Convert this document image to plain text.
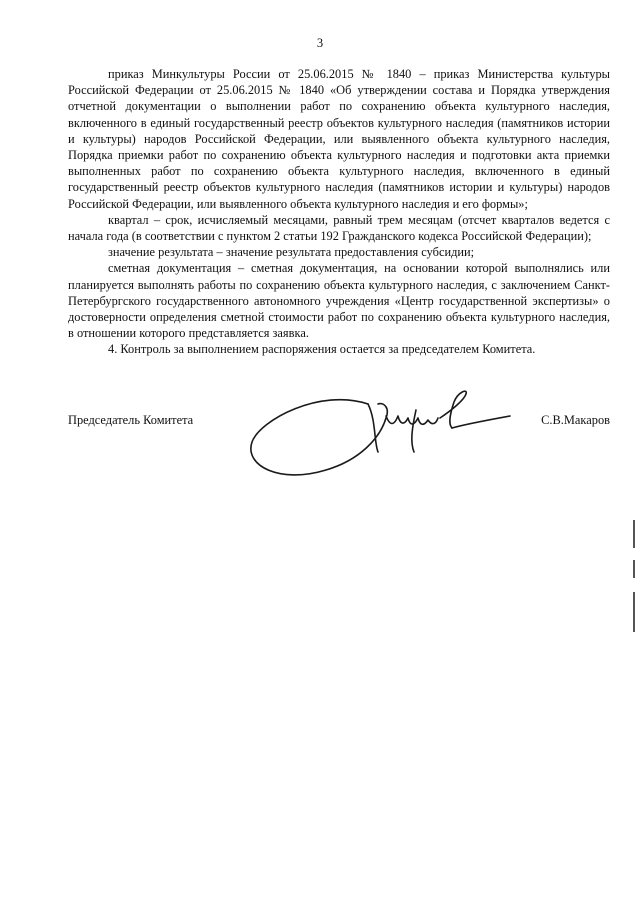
3

приказ Минкультуры России от 25.06.2015 № 1840 – приказ Министерства культуры Российской Федерации от 25.06.2015 № 1840 «Об утверждении состава и Порядка утверждения отчетной документации о выполнении работ по сохранению объекта культурного наследия, включенного в единый государственный реестр объектов культурного наследия (памятников истории и культуры) народов Российской Федерации, или выявленного объекта культурного наследия, Порядка приемки работ по сохранению объекта культурного наследия и подготовки акта приемки выполненных работ по сохранению объекта культурного наследия, включенного в единый государственный реестр объектов культурного наследия (памятников истории и культуры) народов Российской Федерации, или выявленного объекта культурного наследия и его формы»;

квартал – срок, исчисляемый месяцами, равный трем месяцам (отсчет кварталов ведется с начала года (в соответствии с пунктом 2 статьи 192 Гражданского кодекса Российской Федерации);

значение результата – значение результата предоставления субсидии;

сметная документация – сметная документация, на основании которой выполнялись или планируется выполнять работы по сохранению объекта культурного наследия, с заключением Санкт-Петербургского государственного автономного учреждения «Центр государственной экспертизы» о достоверности определения сметной стоимости работ по сохранению объекта культурного наследия, в отношении которого представляется заявка.

4. Контроль за выполнением распоряжения остается за председателем Комитета.

Председатель Комитета	С.В.Макаров
